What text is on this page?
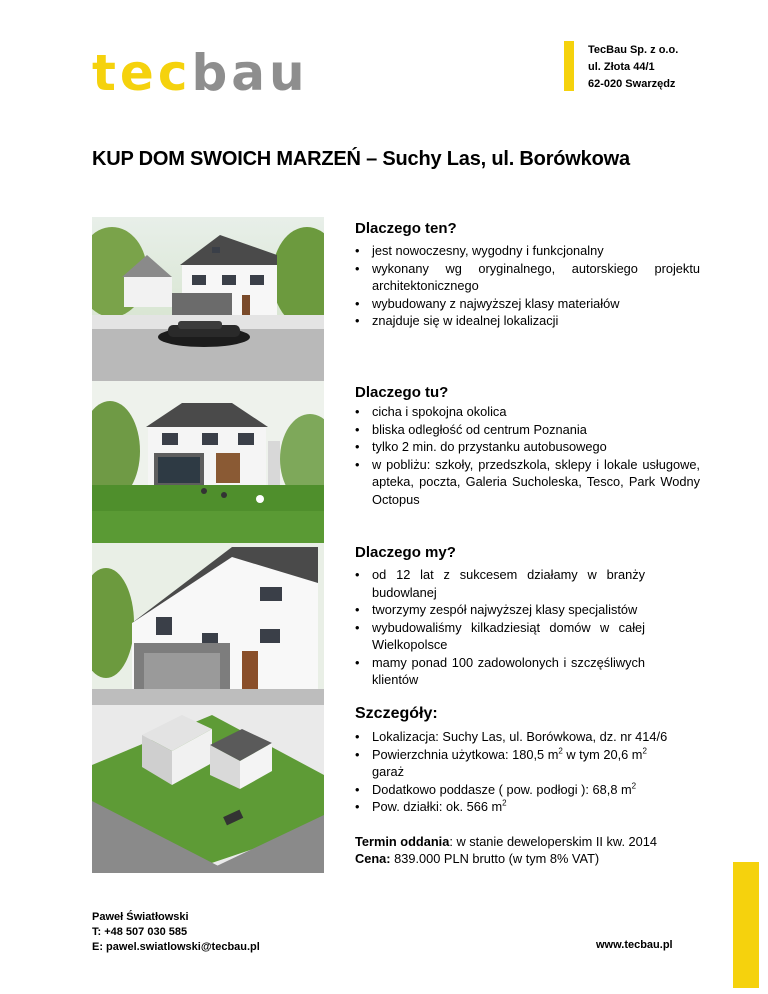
tecbau	TecBau Sp. z o.o.
ul. Złota 44/1
62-020 Swarzędz
KUP DOM SWOICH MARZEŃ – Suchy Las, ul. Borówkowa
Dlaczego ten?
• jest nowoczesny, wygodny i funkcjonalny
• wykonany wg oryginalnego, autorskiego projektu architektonicznego
• wybudowany z najwyższej klasy materiałów
• znajduje się w idealnej lokalizacji
Dlaczego tu?
• cicha i spokojna okolica
• bliska odległość od centrum Poznania
• tylko 2 min. do przystanku autobusowego
• w pobliżu: szkoły, przedszkola, sklepy i lokale usługowe, apteka, poczta, Galeria Sucholeska, Tesco, Park Wodny Octopus
Dlaczego my?
• od 12 lat z sukcesem działamy w branży budowlanej
• tworzymy zespół najwyższej klasy specjalistów
• wybudowaliśmy kilkadziesiąt domów w całej Wielkopolsce
• mamy ponad 100 zadowolonych i szczęśliwych klientów
Szczegóły:
• Lokalizacja: Suchy Las, ul. Borówkowa, dz. nr 414/6
• Powierzchnia użytkowa: 180,5 $m^2$ w tym 20,6 $m^2$
garaż
• Dodatkowo poddasze ( pow. podłogi ): 68,8 $m^2$
• Pow. działki: ok. 566 $m^2$
Termin oddania: w stanie deweloperskim II kw. 2014
Cena: 839.000 PLN brutto (w tym 8% VAT)
Paweł Światłowski
T: +48 507 030 585
E: pawel.swiatlowski@tecbau.pl	www.tecbau.pl
